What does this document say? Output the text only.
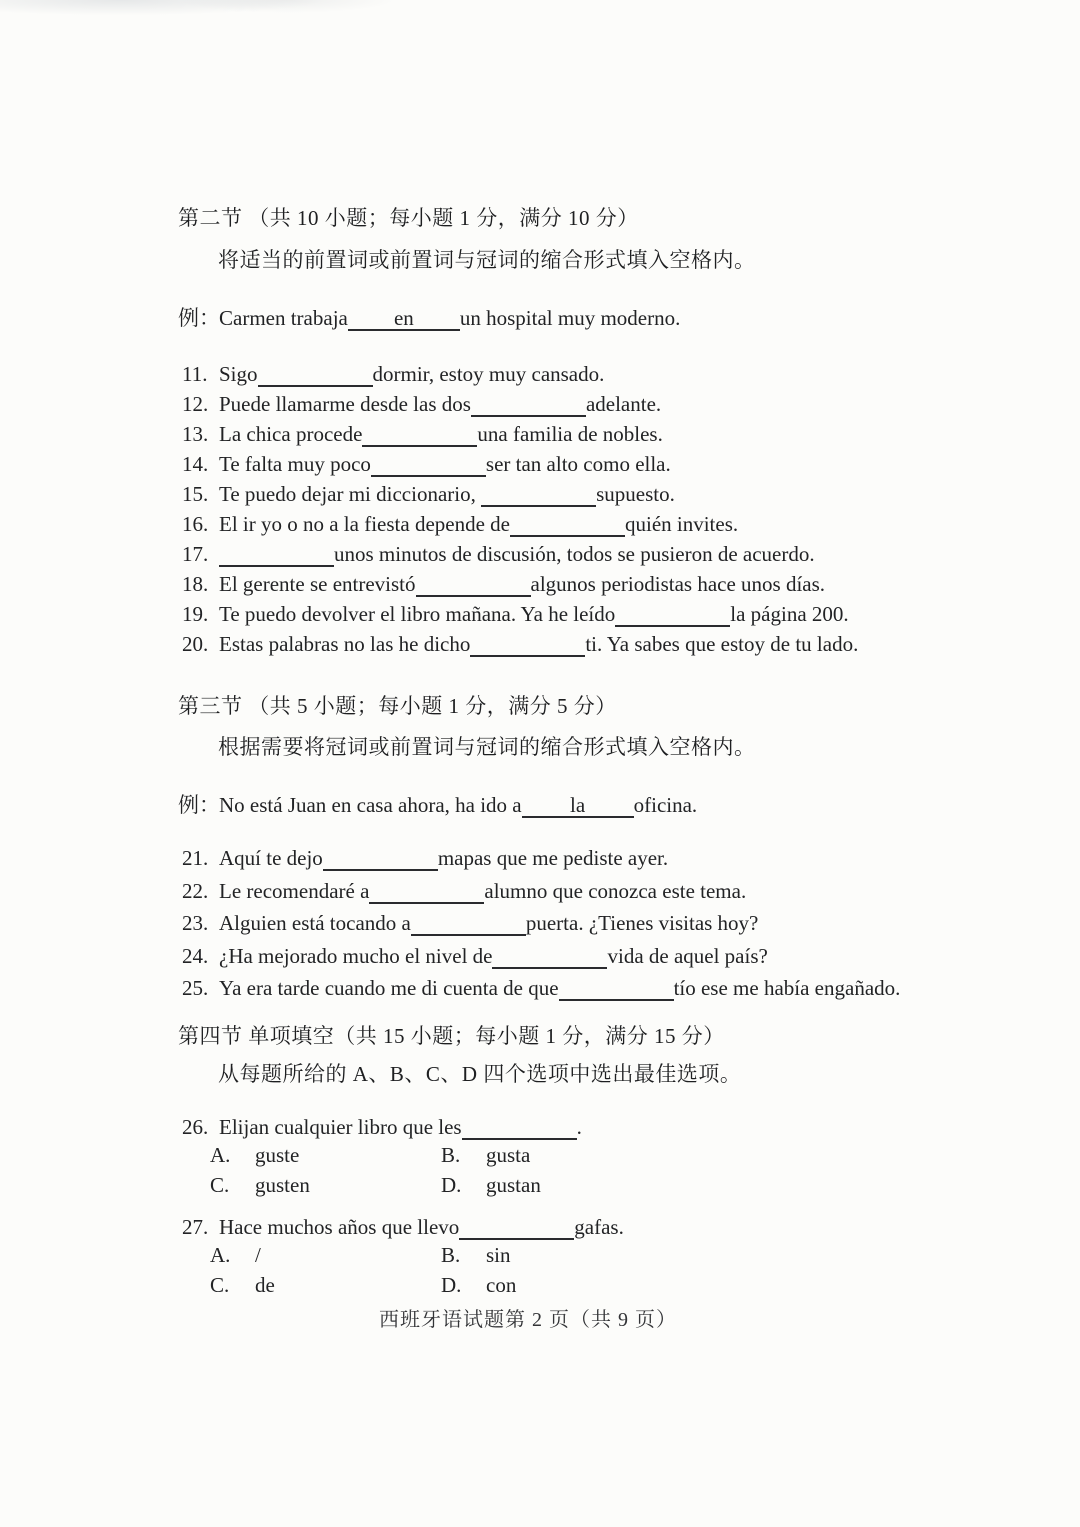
第二节 （共 10 小题；每小题 1 分，满分 10 分）
将适当的前置词或前置词与冠词的缩合形式填入空格内。
例：Carmen trabaja en un hospital muy moderno.
11. Sigo	dormir, estoy muy cansado.
12. Puede llamarme desde las dos	adelante.
13. La chica procede	una familia de nobles.
14. Te falta muy poco	ser tan alto como ella.
15. Te puedo dejar mi diccionario,	supuesto.
16. El ir yo o no a la fiesta depende de	quién invites.
17.	unos minutos de discusión, todos se pusieron de acuerdo.
18. El gerente se entrevistó	algunos periodistas hace unos días.
19. Te puedo devolver el libro mañana. Ya he leído	la página 200.
20. Estas palabras no las he dicho	ti. Ya sabes que estoy de tu lado.
第三节 （共 5 小题；每小题 1 分，满分 5 分）
根据需要将冠词或前置词与冠词的缩合形式填入空格内。
例：No está Juan en casa ahora, ha ido a la oficina.
21. Aquí te dejo	mapas que me pediste ayer.
22. Le recomendaré a	alumno que conozca este tema.
23. Alguien está tocando a	puerta. ¿Tienes visitas hoy?
24. ¿Ha mejorado mucho el nivel de	vida de aquel país?
25. Ya era tarde cuando me di cuenta de que	tío ese me había engañado.
第四节 单项填空（共 15 小题；每小题 1 分，满分 15 分）
从每题所给的 A、B、C、D 四个选项中选出最佳选项。
26. Elijan cualquier libro que les	.
A. guste	B. gusta
C. gusten	D. gustan
27. Hace muchos años que llevo	gafas.
A. /	B. sin
C. de	D. con
西班牙语试题第 2 页（共 9 页）
